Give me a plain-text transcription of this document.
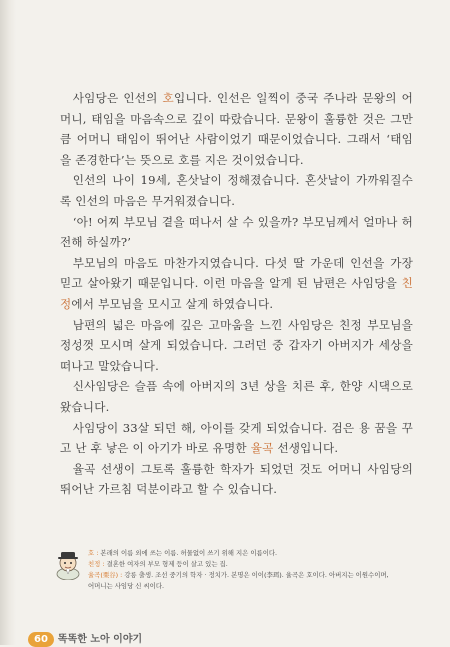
사임당은 인선의 호입니다. 인선은 일찍이 중국 주나라 문왕의 어머니, 태임을 마음속으로 깊이 따랐습니다. 문왕이 훌륭한 것은 그만큼 어머니 태임이 뛰어난 사람이었기 때문이었습니다. 그래서 ‘태임을 존경한다’는 뜻으로 호를 지은 것이었습니다.

인선의 나이 19세, 혼삿날이 정해졌습니다. 혼삿날이 가까워질수록 인선의 마음은 무거워졌습니다.

‘아! 어찌 부모님 곁을 떠나서 살 수 있을까? 부모님께서 얼마나 허전해 하실까?’

부모님의 마음도 마찬가지였습니다. 다섯 딸 가운데 인선을 가장 믿고 살아왔기 때문입니다. 이런 마음을 알게 된 남편은 사임당을 친정에서 부모님을 모시고 살게 하였습니다.

남편의 넓은 마음에 깊은 고마움을 느낀 사임당은 친정 부모님을 정성껏 모시며 살게 되었습니다. 그러던 중 갑자기 아버지가 세상을 떠나고 말았습니다.

신사임당은 슬픔 속에 아버지의 3년 상을 치른 후, 한양 시댁으로 왔습니다.

사임당이 33살 되던 해, 아이를 갖게 되었습니다. 검은 용 꿈을 꾸고 난 후 낳은 이 아기가 바로 유명한 율곡 선생입니다.

율곡 선생이 그토록 훌륭한 학자가 되었던 것도 어머니 사임당의 뛰어난 가르침 덕분이라고 할 수 있습니다.

호 : 본래의 이름 외에 쓰는 이름. 허물없이 쓰기 위해 지은 이름이다.
친정 : 결혼한 여자의 부모 형제 등이 살고 있는 집.
율곡(栗谷) : 강릉 출생. 조선 중기의 학자 · 정치가. 본명은 이이(李珥). 율곡은 호이다. 아버지는 이원수이며,
어머니는 사임당 신 씨이다.
60 똑똑한 노아 이야기
